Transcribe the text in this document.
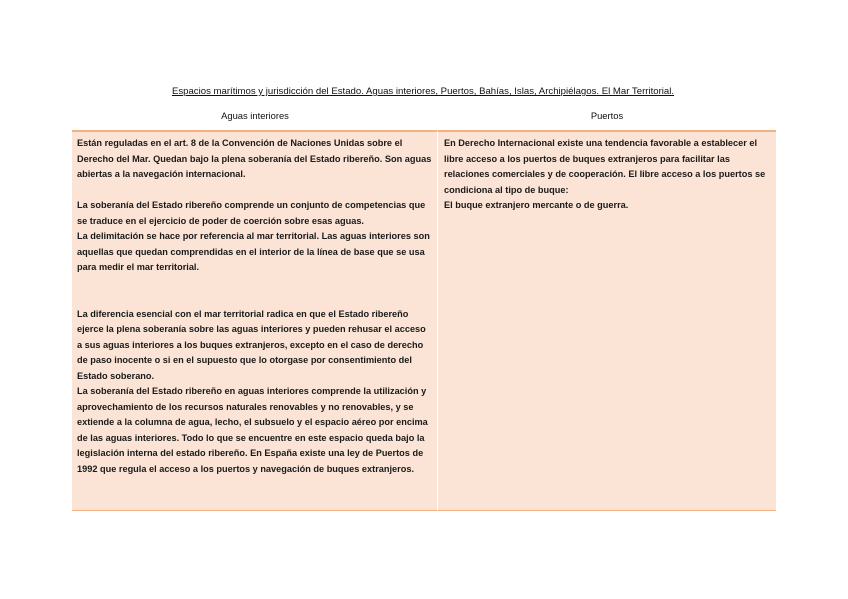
Espacios marítimos y jurisdicción del Estado. Aguas interiores, Puertos, Bahías, Islas, Archipiélagos. El Mar Territorial.
Aguas interiores	Puertos

Están reguladas en el art. 8 de la Convención de Naciones Unidas sobre el Derecho del Mar. Quedan bajo la plena soberanía del Estado ribereño. Son aguas abiertas a la navegación internacional.

La soberanía del Estado ribereño comprende un conjunto de competencias que se traduce en el ejercicio de poder de coerción sobre esas aguas.

La delimitación se hace por referencia al mar territorial. Las aguas interiores son aquellas que quedan comprendidas en el interior de la línea de base que se usa para medir el mar territorial.

La diferencia esencial con el mar territorial radica en que el Estado ribereño ejerce la plena soberanía sobre las aguas interiores y pueden rehusar el acceso a sus aguas interiores a los buques extranjeros, excepto en el caso de derecho de paso inocente o si en el supuesto que lo otorgase por consentimiento del Estado soberano.

La soberanía del Estado ribereño en aguas interiores comprende la utilización y aprovechamiento de los recursos naturales renovables y no renovables, y se extiende a la columna de agua, lecho, el subsuelo y el espacio aéreo por encima de las aguas interiores. Todo lo que se encuentre en este espacio queda bajo la legislación interna del estado ribereño. En España existe una ley de Puertos de 1992 que regula el acceso a los puertos y navegación de buques extranjeros.

En Derecho Internacional existe una tendencia favorable a establecer el libre acceso a los puertos de buques extranjeros para facilitar las relaciones comerciales y de cooperación. El libre acceso a los puertos se condiciona al tipo de buque:

El buque extranjero mercante o de guerra.
